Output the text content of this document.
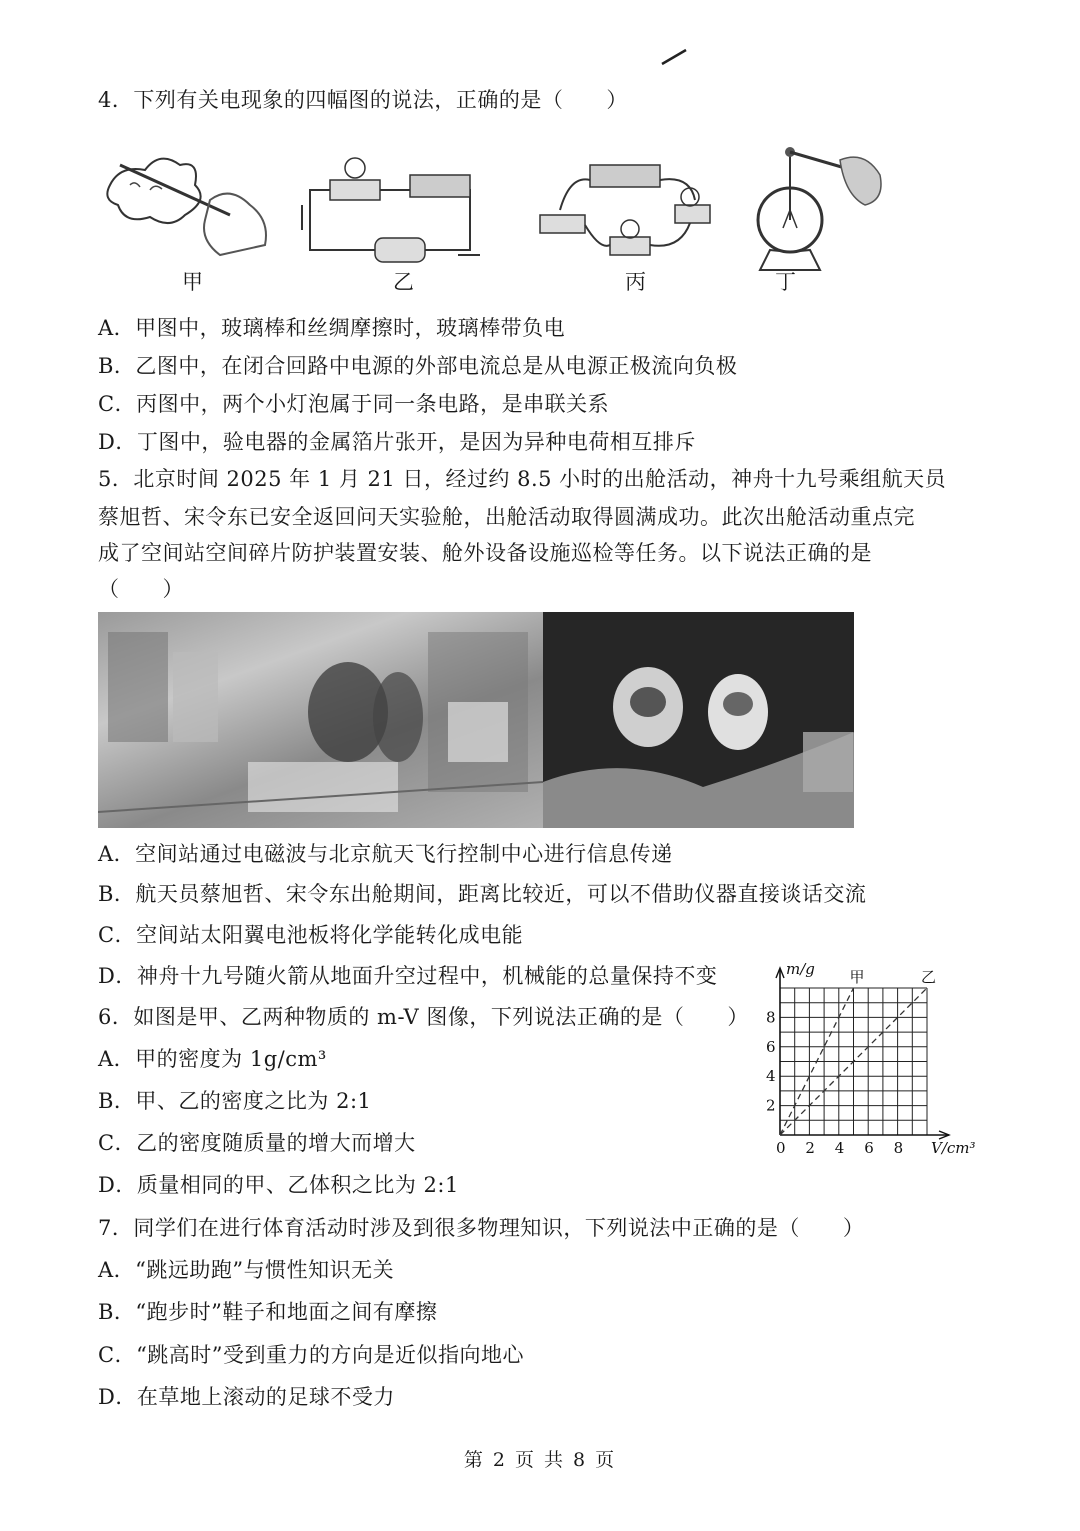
4．下列有关电现象的四幅图的说法，正确的是（　　）
甲	乙	丙	丁
A．甲图中，玻璃棒和丝绸摩擦时，玻璃棒带负电
B．乙图中，在闭合回路中电源的外部电流总是从电源正极流向负极
C．丙图中，两个小灯泡属于同一条电路，是串联关系
D．丁图中，验电器的金属箔片张开，是因为异种电荷相互排斥
5．北京时间 2025 年 1 月 21 日，经过约 8.5 小时的出舱活动，神舟十九号乘组航天员
蔡旭哲、宋令东已安全返回问天实验舱，出舱活动取得圆满成功。此次出舱活动重点完
成了空间站空间碎片防护装置安装、舱外设备设施巡检等任务。以下说法正确的是
（　　）
A．空间站通过电磁波与北京航天飞行控制中心进行信息传递
B．航天员蔡旭哲、宋令东出舱期间，距离比较近，可以不借助仪器直接谈话交流
C．空间站太阳翼电池板将化学能转化成电能
D．神舟十九号随火箭从地面升空过程中，机械能的总量保持不变
6．如图是甲、乙两种物质的 m-V 图像，下列说法正确的是（　　）
A．甲的密度为 1g/cm³
B．甲、乙的密度之比为 2:1
C．乙的密度随质量的增大而增大
D．质量相同的甲、乙体积之比为 2:1
甲	乙
0 2 4 6 8
2
4
6
8
m/g
V/cm³
7．同学们在进行体育活动时涉及到很多物理知识，下列说法中正确的是（　　）
A．“跳远助跑”与惯性知识无关
B．“跑步时”鞋子和地面之间有摩擦
C．“跳高时”受到重力的方向是近似指向地心
D．在草地上滚动的足球不受力
第 2 页 共 8 页
